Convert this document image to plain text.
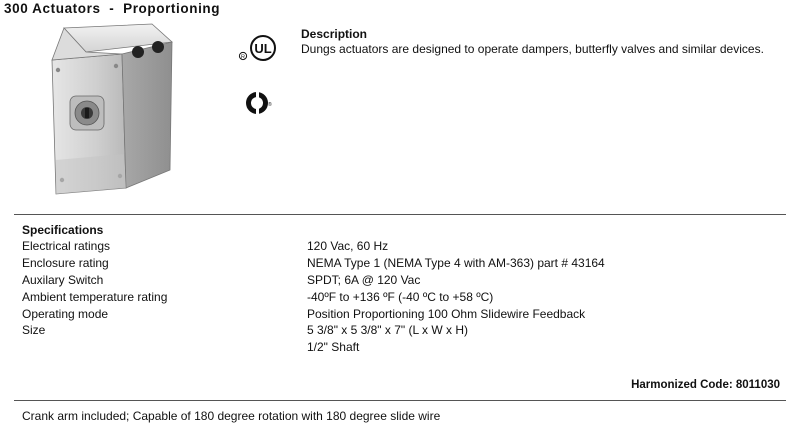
300 Actuators  -  Proportioning
UL
R
®
Description
Dungs actuators are designed to operate dampers, butterfly valves and similar devices.
Specifications
Electrical ratings	120 Vac, 60 Hz
Enclosure rating	NEMA Type 1 (NEMA Type 4 with AM-363) part # 43164
Auxilary Switch	SPDT; 6A @ 120 Vac
Ambient temperature rating	-40ºF to +136 ºF (-40 ºC to +58 ºC)
Operating mode	Position Proportioning 100 Ohm Slidewire Feedback
Size	5 3/8" x 5 3/8" x 7" (L x W x H)
1/2" Shaft
Harmonized Code: 8011030
Crank arm included; Capable of 180 degree rotation with 180 degree slide wire
